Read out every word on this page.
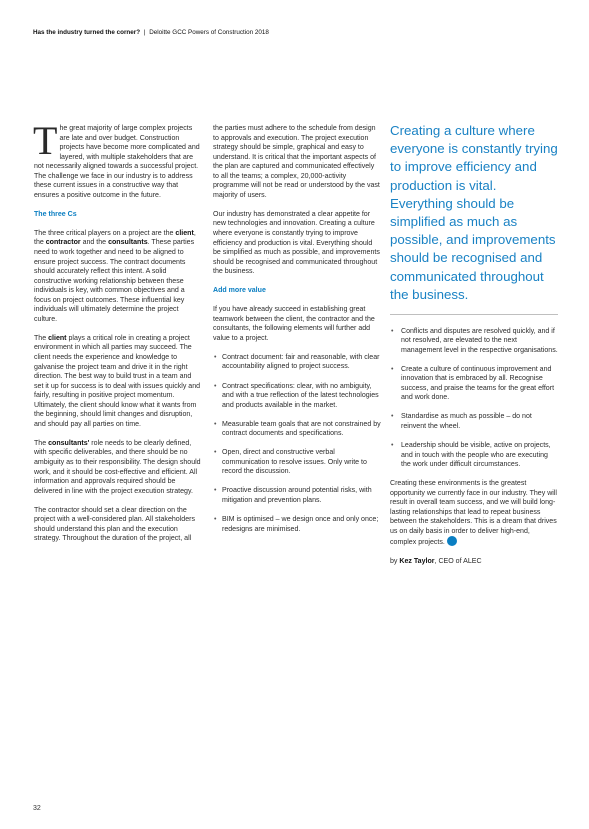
Has the industry turned the corner? | Deloitte GCC Powers of Construction 2018

The great majority of large complex projects are late and over budget. Construction projects have become more complicated and layered, with multiple stakeholders that are not necessarily aligned towards a successful project. The challenge we face in our industry is to address these current issues in a constructive way that ensures a positive outcome in the future.

The three Cs

The three critical players on a project are the client, the contractor and the consultants. These parties need to work together and need to be aligned to ensure project success. The contract documents should accurately reflect this intent. A solid constructive working relationship between these individuals is key, with common objectives and a focus on project outcomes. These influential key individuals will ultimately determine the project culture.

The client plays a critical role in creating a project environment in which all parties may succeed. The client needs the experience and knowledge to galvanise the project team and drive it in the right direction. The best way to build trust in a team and set it up for success is to deal with issues quickly and fairly, resulting in positive project momentum. Ultimately, the client should know what it wants from the beginning, should limit changes and disruption, and should pay all parties on time.

The consultants' role needs to be clearly defined, with specific deliverables, and there should be no ambiguity as to their responsibility. The design should work, and it should be cost-effective and efficient. All information and approvals required should be delivered in line with the project execution strategy.

The contractor should set a clear direction on the project with a well-considered plan. All stakeholders should understand this plan and the execution strategy. Throughout the duration of the project, all

the parties must adhere to the schedule from design to approvals and execution. The project execution strategy should be simple, graphical and easy to understand. It is critical that the important aspects of the plan are captured and communicated effectively to all the teams; a complex, 20,000-activity programme will not be read or understood by the vast majority of users.

Our industry has demonstrated a clear appetite for new technologies and innovation. Creating a culture where everyone is constantly trying to improve efficiency and production is vital. Everything should be simplified as much as possible, and improvements should be recognised and communicated throughout the business.

Add more value

If you have already succeed in establishing great teamwork between the client, the contractor and the consultants, the following elements will further add value to a project.

• Contract document: fair and reasonable, with clear accountability aligned to project success.
• Contract specifications: clear, with no ambiguity, and with a true reflection of the latest technologies and products available in the market.
• Measurable team goals that are not constrained by contract documents and specifications.
• Open, direct and constructive verbal communication to resolve issues. Only write to record the discussion.
• Proactive discussion around potential risks, with mitigation and prevention plans.
• BIM is optimised – we design once and only once; redesigns are minimised.

Creating a culture where everyone is constantly trying to improve efficiency and production is vital. Everything should be simplified as much as possible, and improvements should be recognised and communicated throughout the business.

• Conflicts and disputes are resolved quickly, and if not resolved, are elevated to the next management level in the respective organisations.
• Create a culture of continuous improvement and innovation that is embraced by all. Recognise success, and praise the teams for the great effort and work done.
• Standardise as much as possible – do not reinvent the wheel.
• Leadership should be visible, active on projects, and in touch with the people who are executing the work under difficult circumstances.

Creating these environments is the greatest opportunity we currently face in our industry. They will result in overall team success, and we will build long-lasting relationships that lead to repeat business between the stakeholders. This is a dream that drives us on daily basis in order to deliver high-end, complex projects.

by Kez Taylor, CEO of ALEC

32
